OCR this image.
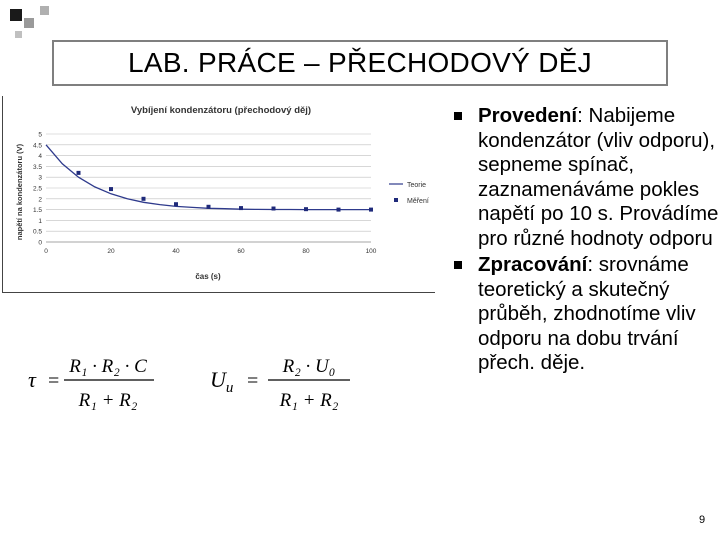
LAB. PRÁCE – PŘECHODOVÝ DĚJ
Vybíjení kondenzátoru (přechodový děj)
napětí na kondenzátoru (V)
čas (s)
0
0.5
1
1.5
2
2.5
3
3.5
4
4.5
5
0	20	40	60	80	100
Teorie
Měření
Provedení: Nabijeme kondenzátor (vliv odporu), sepneme spínač, zaznamenáváme pokles napětí po 10 s. Provádíme pro různé hodnoty odporu
Zpracování: srovnáme teoretický a skutečný průběh, zhodnotíme vliv odporu na dobu trvání přech. děje.
τ =
R₁ · R₂ · C
R₁ + R₂
$U_u$ =
R₂ · U₀
R₁ + R₂
9
